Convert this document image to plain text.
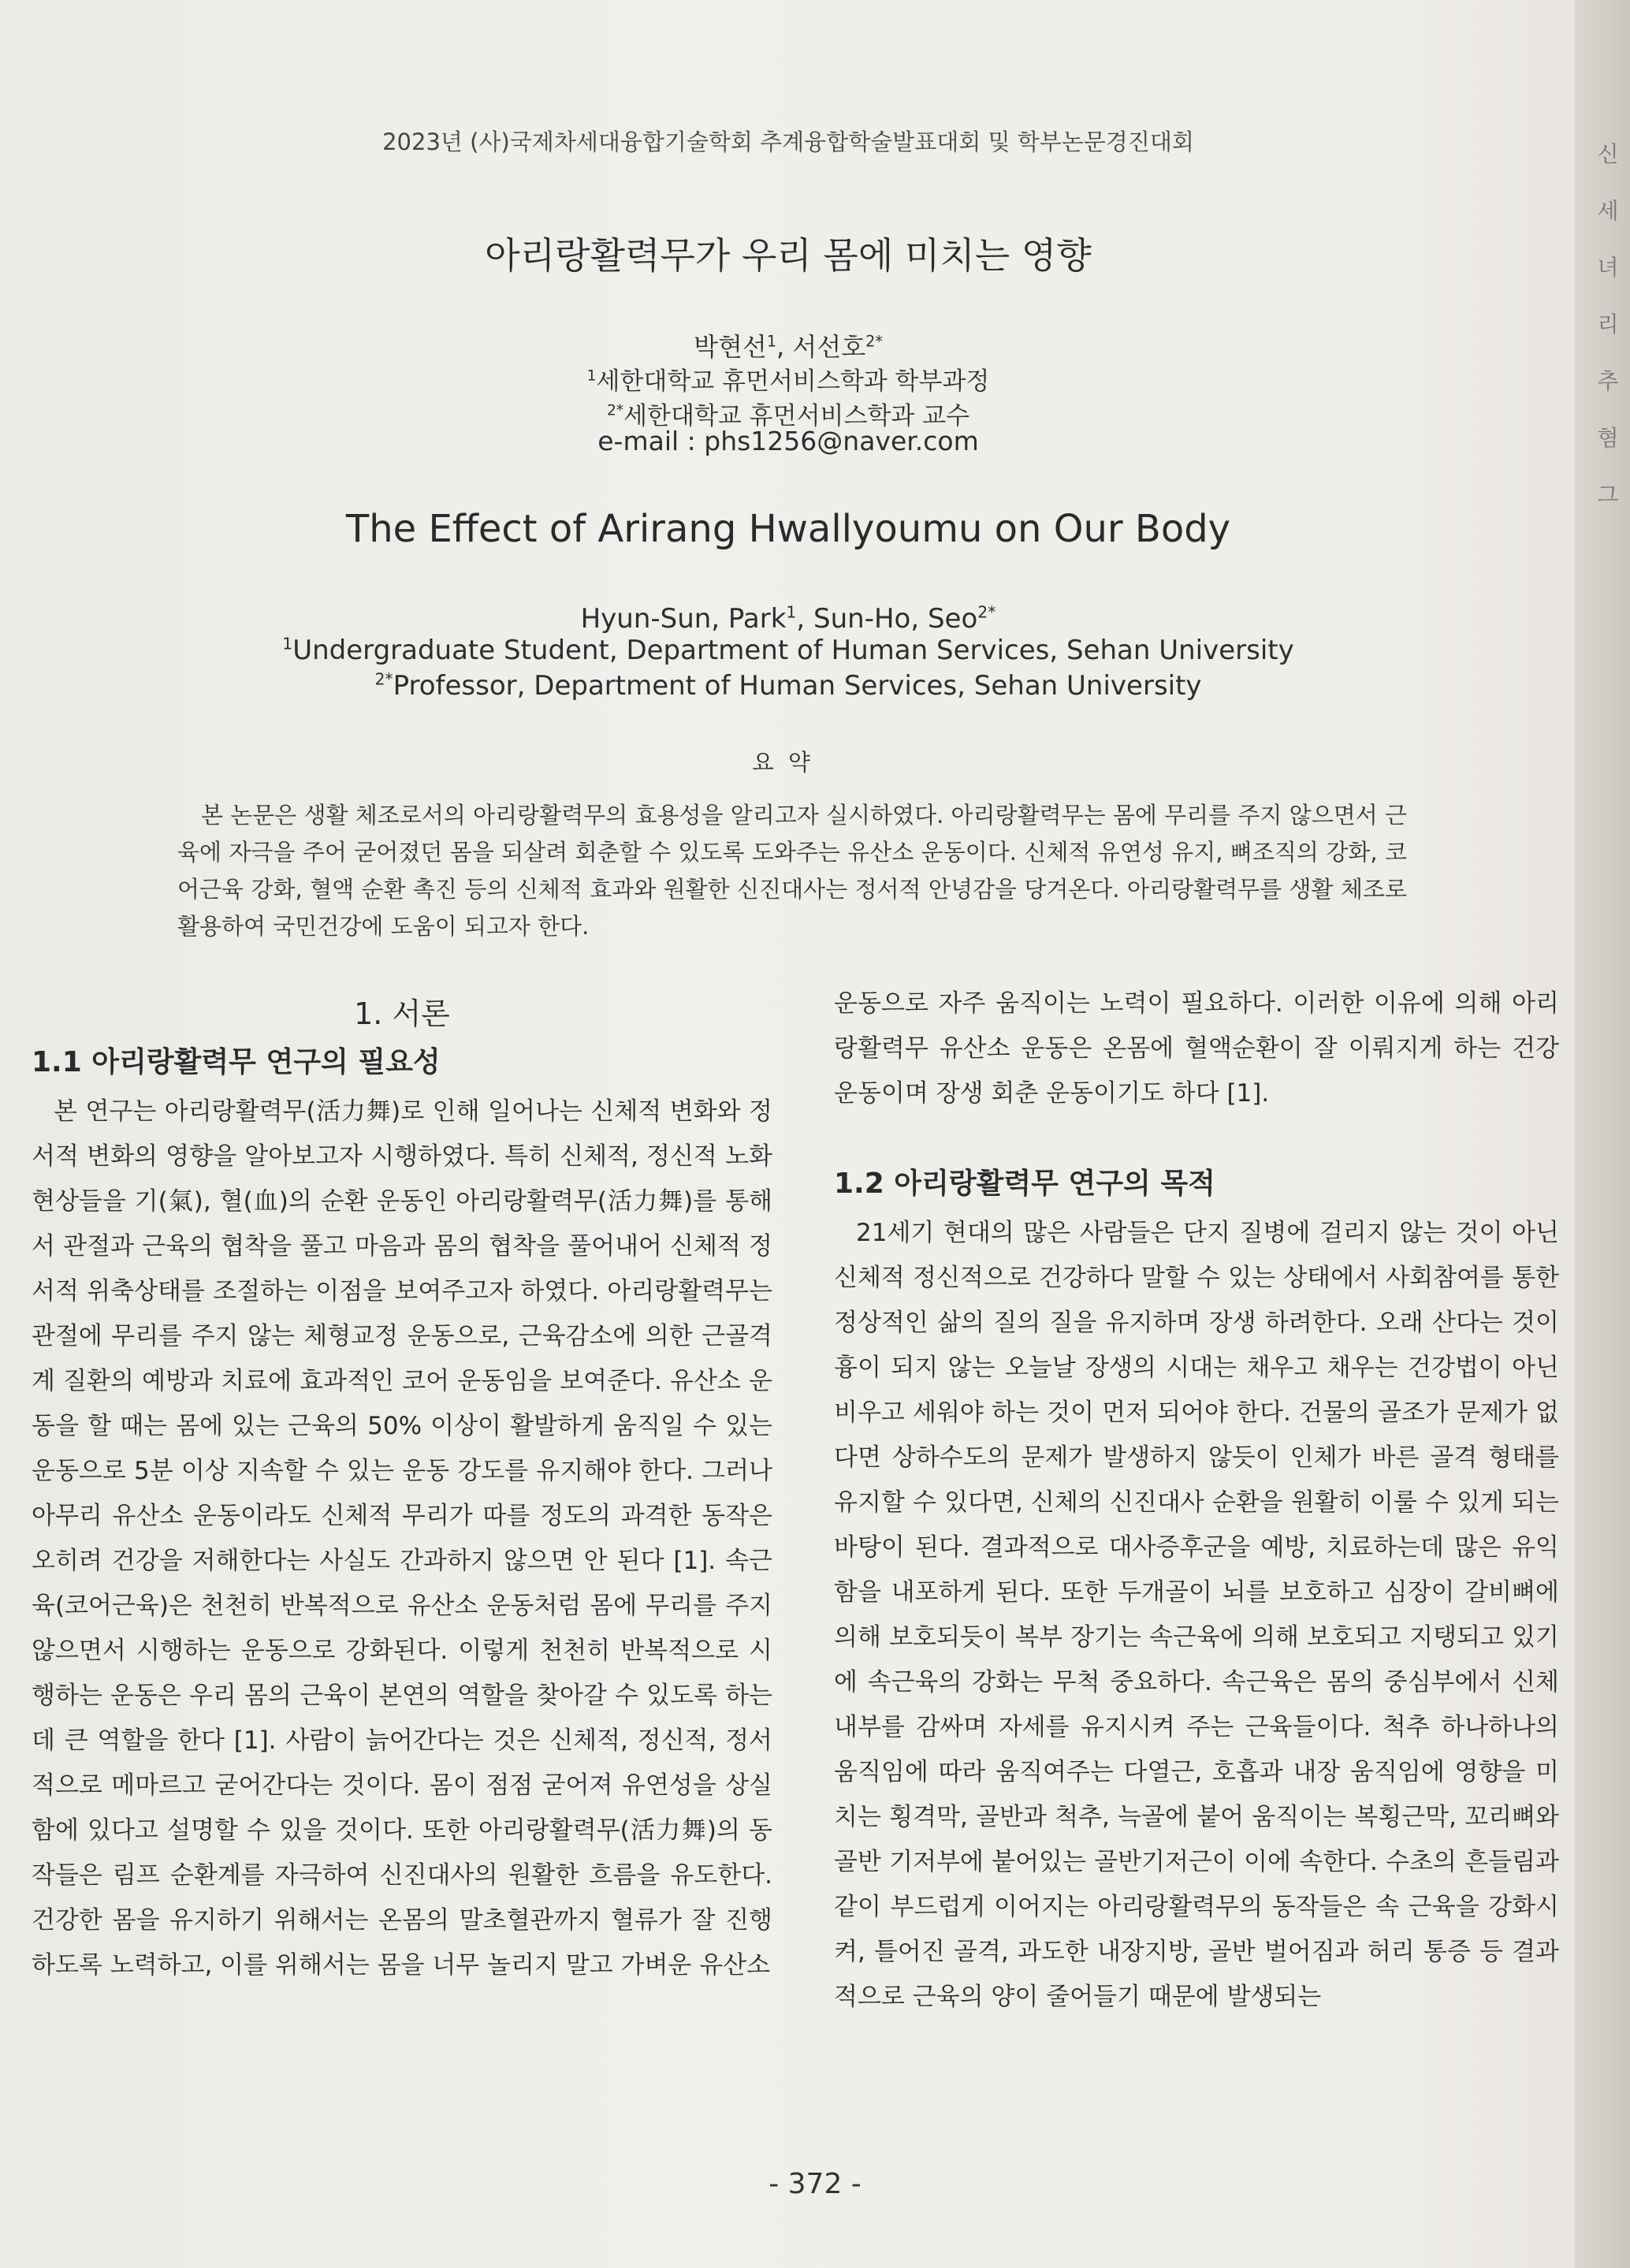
신
세
녀
리
추
혐
그
2023년 (사)국제차세대융합기술학회 추계융합학술발표대회 및 학부논문경진대회
아리랑활력무가 우리 몸에 미치는 영향
박현선$^1$, 서선호$^{2*}$
$^1$세한대학교 휴먼서비스학과 학부과정
$^{2*}$세한대학교 휴먼서비스학과 교수
e-mail : phs1256@naver.com
The Effect of Arirang Hwallyoumu on Our Body
Hyun-Sun, Park$^1$, Sun-Ho, Seo$^{2*}$
$^1$Undergraduate Student, Department of Human Services, Sehan University
$^{2*}$Professor, Department of Human Services, Sehan University
요약

본 논문은 생활 체조로서의 아리랑활력무의 효용성을 알리고자 실시하였다. 아리랑활력무는 몸에 무리를 주지 않으면서 근육에 자극을 주어 굳어졌던 몸을 되살려 회춘할 수 있도록 도와주는 유산소 운동이다. 신체적 유연성 유지, 뼈조직의 강화, 코어근육 강화, 혈액 순환 촉진 등의 신체적 효과와 원활한 신진대사는 정서적 안녕감을 당겨온다. 아리랑활력무를 생활 체조로 활용하여 국민건강에 도움이 되고자 한다.

1. 서론
1.1 아리랑활력무 연구의 필요성

본 연구는 아리랑활력무(活力舞)로 인해 일어나는 신체적 변화와 정서적 변화의 영향을 알아보고자 시행하였다. 특히 신체적, 정신적 노화 현상들을 기(氣), 혈(血)의 순환 운동인 아리랑활력무(活力舞)를 통해서 관절과 근육의 협착을 풀고 마음과 몸의 협착을 풀어내어 신체적 정서적 위축상태를 조절하는 이점을 보여주고자 하였다. 아리랑활력무는 관절에 무리를 주지 않는 체형교정 운동으로, 근육감소에 의한 근골격계 질환의 예방과 치료에 효과적인 코어 운동임을 보여준다. 유산소 운동을 할 때는 몸에 있는 근육의 50% 이상이 활발하게 움직일 수 있는 운동으로 5분 이상 지속할 수 있는 운동 강도를 유지해야 한다. 그러나 아무리 유산소 운동이라도 신체적 무리가 따를 정도의 과격한 동작은 오히려 건강을 저해한다는 사실도 간과하지 않으면 안 된다 [1]. 속근육(코어근육)은 천천히 반복적으로 유산소 운동처럼 몸에 무리를 주지 않으면서 시행하는 운동으로 강화된다. 이렇게 천천히 반복적으로 시행하는 운동은 우리 몸의 근육이 본연의 역할을 찾아갈 수 있도록 하는데 큰 역할을 한다 [1]. 사람이 늙어간다는 것은 신체적, 정신적, 정서적으로 메마르고 굳어간다는 것이다. 몸이 점점 굳어져 유연성을 상실함에 있다고 설명할 수 있을 것이다. 또한 아리랑활력무(活力舞)의 동작들은 림프 순환계를 자극하여 신진대사의 원활한 흐름을 유도한다. 건강한 몸을 유지하기 위해서는 온몸의 말초혈관까지 혈류가 잘 진행하도록 노력하고, 이를 위해서는 몸을 너무 놀리지 말고 가벼운 유산소

운동으로 자주 움직이는 노력이 필요하다. 이러한 이유에 의해 아리랑활력무 유산소 운동은 온몸에 혈액순환이 잘 이뤄지게 하는 건강 운동이며 장생 회춘 운동이기도 하다 [1].

1.2 아리랑활력무 연구의 목적

21세기 현대의 많은 사람들은 단지 질병에 걸리지 않는 것이 아닌 신체적 정신적으로 건강하다 말할 수 있는 상태에서 사회참여를 통한 정상적인 삶의 질의 질을 유지하며 장생 하려한다. 오래 산다는 것이 흉이 되지 않는 오늘날 장생의 시대는 채우고 채우는 건강법이 아닌 비우고 세워야 하는 것이 먼저 되어야 한다. 건물의 골조가 문제가 없다면 상하수도의 문제가 발생하지 않듯이 인체가 바른 골격 형태를 유지할 수 있다면, 신체의 신진대사 순환을 원활히 이룰 수 있게 되는 바탕이 된다. 결과적으로 대사증후군을 예방, 치료하는데 많은 유익함을 내포하게 된다. 또한 두개골이 뇌를 보호하고 심장이 갈비뼈에 의해 보호되듯이 복부 장기는 속근육에 의해 보호되고 지탱되고 있기에 속근육의 강화는 무척 중요하다. 속근육은 몸의 중심부에서 신체 내부를 감싸며 자세를 유지시켜 주는 근육들이다. 척추 하나하나의 움직임에 따라 움직여주는 다열근, 호흡과 내장 움직임에 영향을 미치는 횡격막, 골반과 척추, 늑골에 붙어 움직이는 복횡근막, 꼬리뼈와 골반 기저부에 붙어있는 골반기저근이 이에 속한다. 수초의 흔들림과 같이 부드럽게 이어지는 아리랑활력무의 동작들은 속 근육을 강화시켜, 틀어진 골격, 과도한 내장지방, 골반 벌어짐과 허리 통증 등 결과적으로 근육의 양이 줄어들기 때문에 발생되는

- 372 -
